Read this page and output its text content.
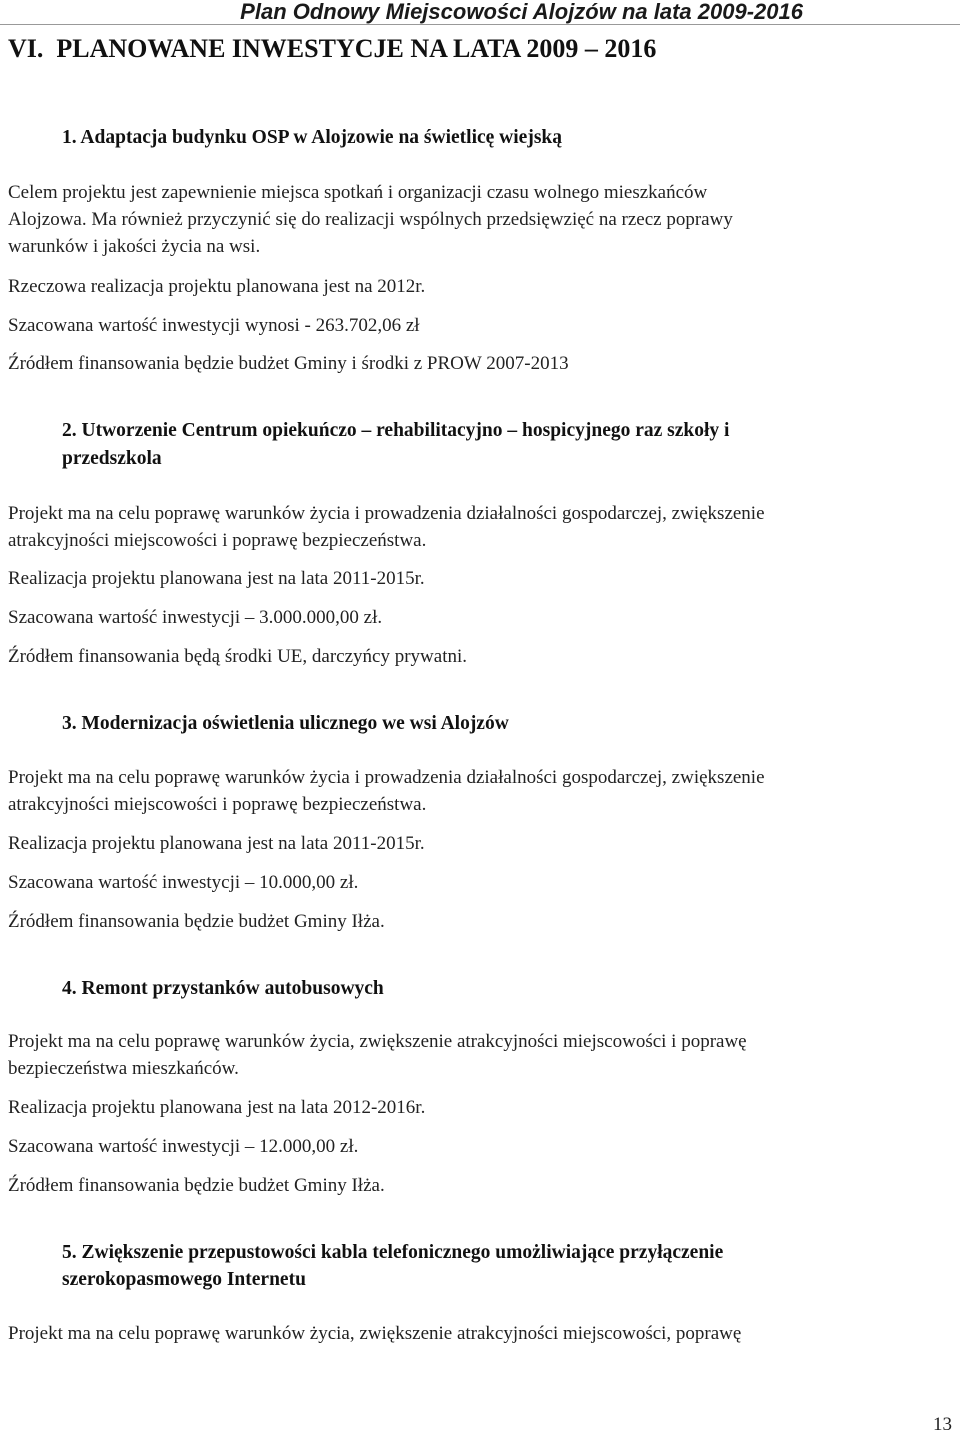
Plan Odnowy Miejscowości Alojzów na lata 2009-2016
VI.  PLANOWANE INWESTYCJE NA LATA 2009 – 2016
1. Adaptacja budynku OSP w Alojzowie na świetlicę wiejską
Celem projektu jest zapewnienie miejsca spotkań i organizacji czasu wolnego mieszkańców
Alojzowa. Ma również przyczynić się do realizacji wspólnych przedsięwzięć na rzecz poprawy
warunków i jakości życia na wsi.
Rzeczowa realizacja projektu planowana jest na 2012r.
Szacowana wartość inwestycji wynosi - 263.702,06 zł
Źródłem finansowania będzie budżet Gminy i środki z PROW 2007-2013
2. Utworzenie Centrum opiekuńczo – rehabilitacyjno – hospicyjnego raz szkoły i
przedszkola
Projekt ma na celu poprawę warunków życia i prowadzenia działalności gospodarczej, zwiększenie
atrakcyjności miejscowości i poprawę bezpieczeństwa.
Realizacja projektu planowana jest na lata 2011-2015r.
Szacowana wartość inwestycji – 3.000.000,00 zł.
Źródłem finansowania będą środki UE, darczyńcy prywatni.
3. Modernizacja oświetlenia ulicznego we wsi Alojzów
Projekt ma na celu poprawę warunków życia i prowadzenia działalności gospodarczej, zwiększenie
atrakcyjności miejscowości i poprawę bezpieczeństwa.
Realizacja projektu planowana jest na lata 2011-2015r.
Szacowana wartość inwestycji – 10.000,00 zł.
Źródłem finansowania będzie budżet Gminy Iłża.
4. Remont przystanków autobusowych
Projekt ma na celu poprawę warunków życia, zwiększenie atrakcyjności miejscowości i poprawę
bezpieczeństwa mieszkańców.
Realizacja projektu planowana jest na lata 2012-2016r.
Szacowana wartość inwestycji – 12.000,00 zł.
Źródłem finansowania będzie budżet Gminy Iłża.
5. Zwiększenie przepustowości kabla telefonicznego umożliwiające przyłączenie
szerokopasmowego Internetu
Projekt ma na celu poprawę warunków życia, zwiększenie atrakcyjności miejscowości, poprawę
13
